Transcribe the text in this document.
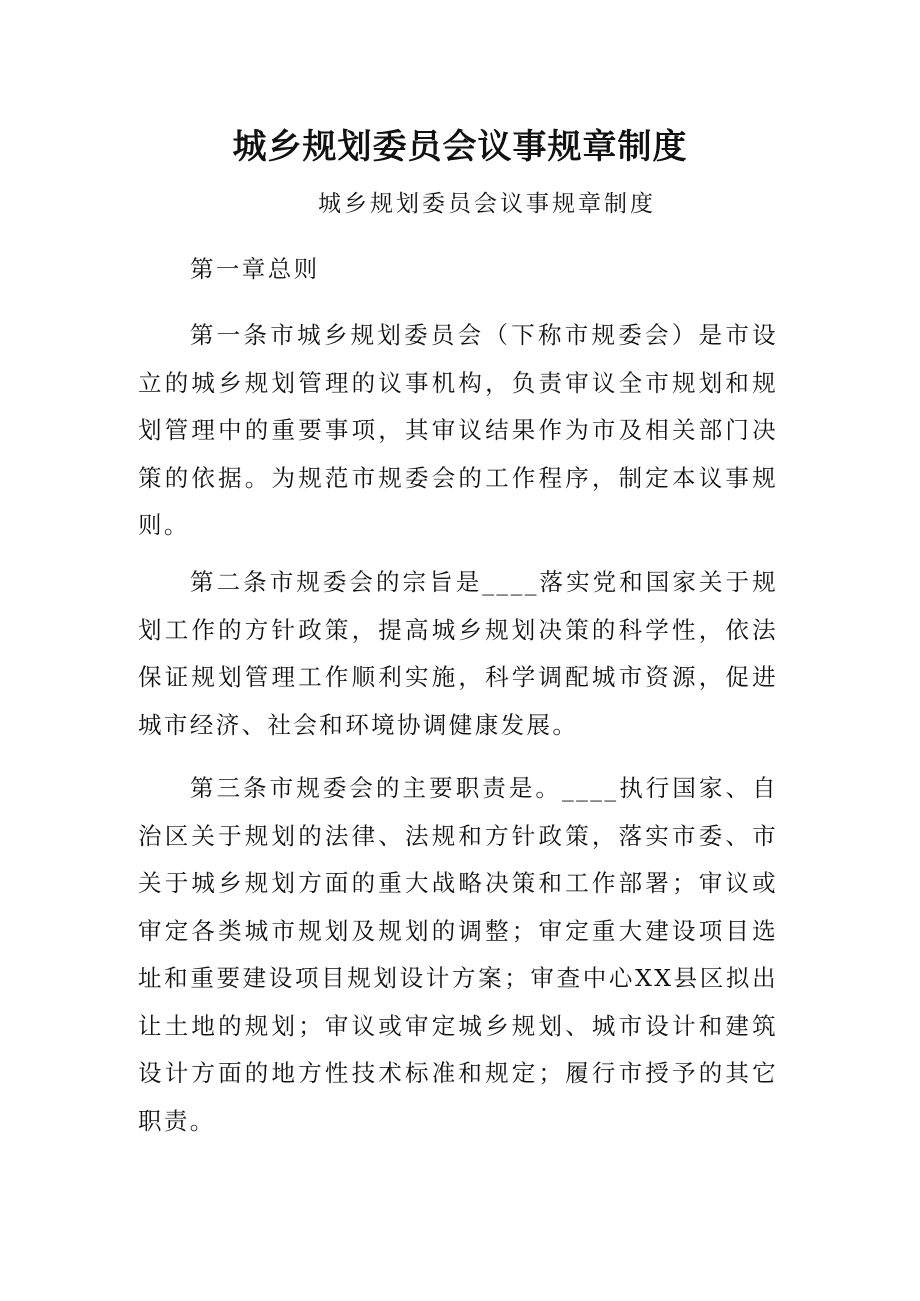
城乡规划委员会议事规章制度

城乡规划委员会议事规章制度

第一章总则

第一条市城乡规划委员会（下称市规委会）是市设立的城乡规划管理的议事机构，负责审议全市规划和规划管理中的重要事项，其审议结果作为市及相关部门决策的依据。为规范市规委会的工作程序，制定本议事规则。

第二条市规委会的宗旨是____落实党和国家关于规划工作的方针政策，提高城乡规划决策的科学性，依法保证规划管理工作顺利实施，科学调配城市资源，促进城市经济、社会和环境协调健康发展。

第三条市规委会的主要职责是。____执行国家、自治区关于规划的法律、法规和方针政策，落实市委、市关于城乡规划方面的重大战略决策和工作部署；审议或审定各类城市规划及规划的调整；审定重大建设项目选址和重要建设项目规划设计方案；审查中心XX县区拟出让土地的规划；审议或审定城乡规划、城市设计和建筑设计方面的地方性技术标准和规定；履行市授予的其它职责。
